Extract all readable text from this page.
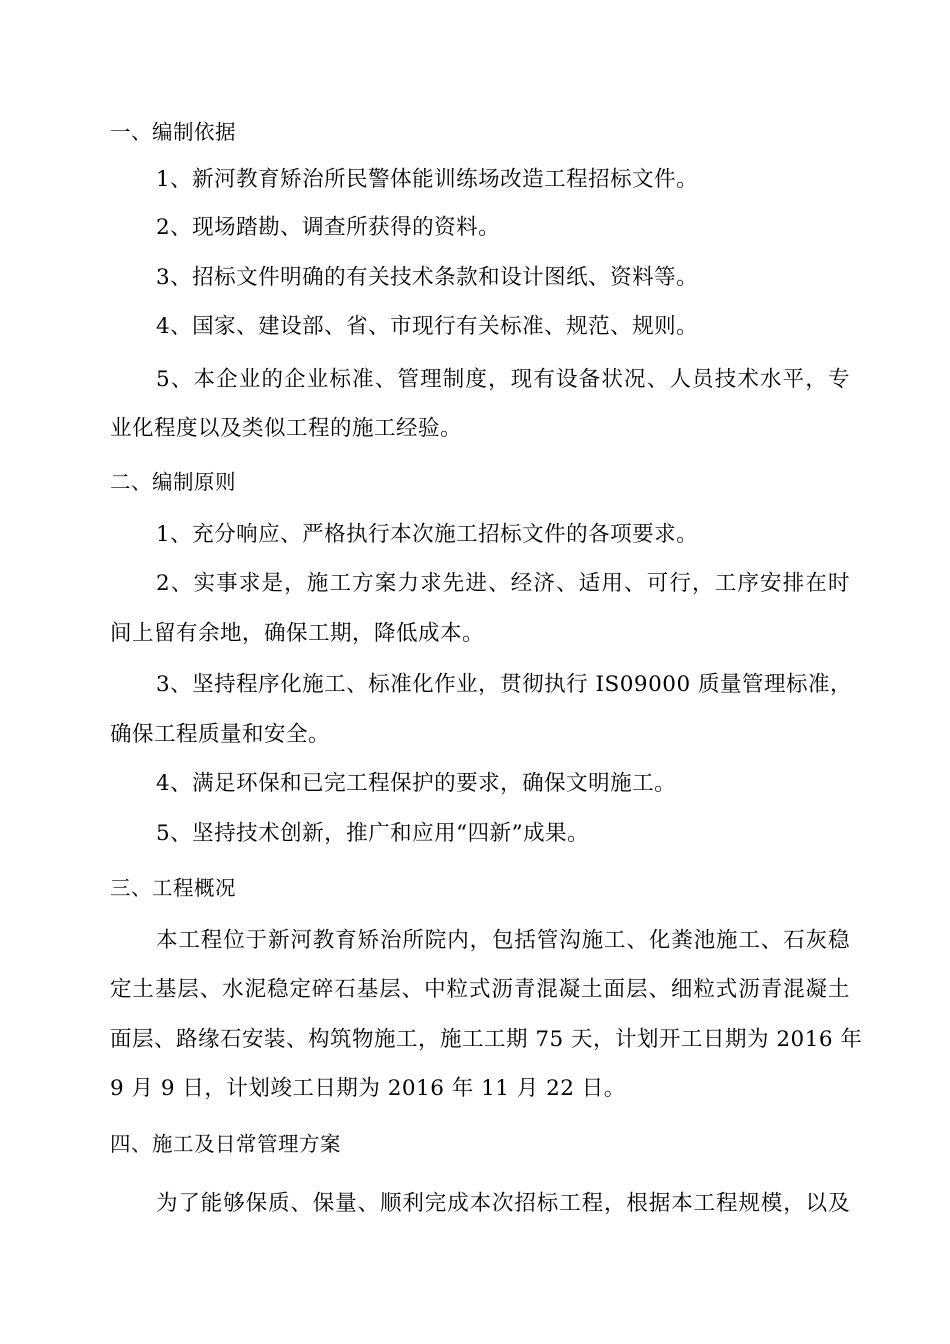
一、编制依据
1、新河教育矫治所民警体能训练场改造工程招标文件。
2、现场踏勘、调查所获得的资料。
3、招标文件明确的有关技术条款和设计图纸、资料等。
4、国家、建设部、省、市现行有关标准、规范、规则。
5、本企业的企业标准、管理制度，现有设备状况、人员技术水平，专
业化程度以及类似工程的施工经验。
二、编制原则
1、充分响应、严格执行本次施工招标文件的各项要求。
2、实事求是，施工方案力求先进、经济、适用、可行，工序安排在时
间上留有余地，确保工期，降低成本。
3、坚持程序化施工、标准化作业，贯彻执行 IS09000 质量管理标准，
确保工程质量和安全。
4、满足环保和已完工程保护的要求，确保文明施工。
5、坚持技术创新，推广和应用“四新”成果。
三、工程概况
本工程位于新河教育矫治所院内，包括管沟施工、化粪池施工、石灰稳
定土基层、水泥稳定碎石基层、中粒式沥青混凝土面层、细粒式沥青混凝土
面层、路缘石安装、构筑物施工，施工工期 75 天，计划开工日期为 2016 年
9 月 9 日，计划竣工日期为 2016 年 11 月 22 日。
四、施工及日常管理方案
为了能够保质、保量、顺利完成本次招标工程，根据本工程规模，以及
